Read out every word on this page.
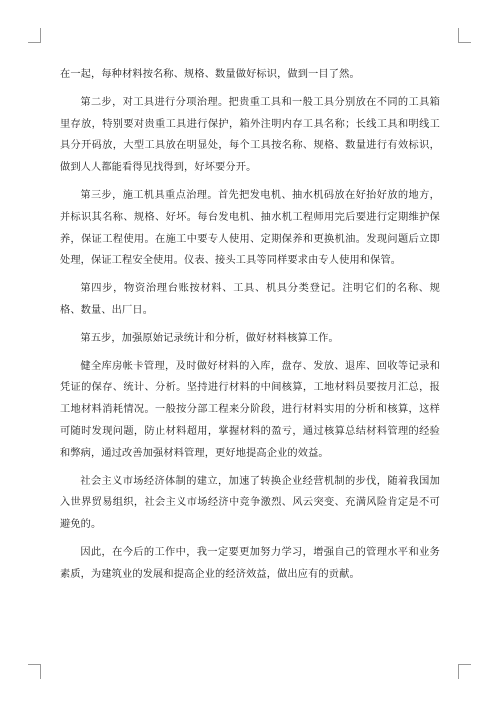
在一起，每种材料按名称、规格、数量做好标识，做到一目了然。

第二步，对工具进行分项治理。把贵重工具和一般工具分别放在不同的工具箱里存放，特别要对贵重工具进行保护，箱外注明内存工具名称；长线工具和明线工具分开码放，大型工具放在明显处，每个工具按名称、规格、数量进行有效标识，做到人人都能看得见找得到，好坏要分开。

第三步，施工机具重点治理。首先把发电机、抽水机码放在好抬好放的地方，并标识其名称、规格、好坏。每台发电机、抽水机工程师用完后要进行定期维护保养，保证工程使用。在施工中要专人使用、定期保养和更换机油。发现问题后立即处理，保证工程安全使用。仪表、接头工具等同样要求由专人使用和保管。

第四步，物资治理台账按材料、工具、机具分类登记。注明它们的名称、规格、数量、出厂日。

第五步，加强原始记录统计和分析，做好材料核算工作。

健全库房帐卡管理，及时做好材料的入库，盘存、发放、退库、回收等记录和凭证的保存、统计、分析。坚持进行材料的中间核算，工地材料员要按月汇总，报工地材料消耗情况。一般按分部工程来分阶段，进行材料实用的分析和核算，这样可随时发现问题，防止材料超用，掌握材料的盈亏，通过核算总结材料管理的经验和弊病，通过改善加强材料管理，更好地提高企业的效益。

社会主义市场经济体制的建立，加速了转换企业经营机制的步伐，随着我国加入世界贸易组织，社会主义市场经济中竞争激烈、风云突变、充满风险肯定是不可避免的。

因此，在今后的工作中，我一定要更加努力学习，增强自己的管理水平和业务素质，为建筑业的发展和提高企业的经济效益，做出应有的贡献。
